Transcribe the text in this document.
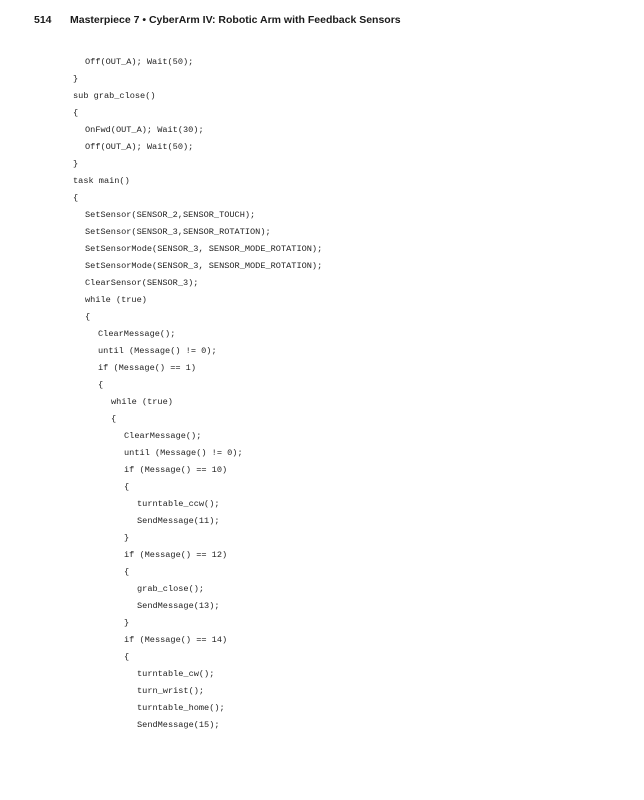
514	Masterpiece 7 • CyberArm IV: Robotic Arm with Feedback Sensors
Off(OUT_A); Wait(50);
}
sub grab_close()
{
OnFwd(OUT_A); Wait(30);
Off(OUT_A); Wait(50);
}
task main()
{
SetSensor(SENSOR_2,SENSOR_TOUCH);
SetSensor(SENSOR_3,SENSOR_ROTATION);
SetSensorMode(SENSOR_3, SENSOR_MODE_ROTATION);
SetSensorMode(SENSOR_3, SENSOR_MODE_ROTATION);
ClearSensor(SENSOR_3);
while (true)
{
ClearMessage();
until (Message() != 0);
if (Message() == 1)
{
while (true)
{
ClearMessage();
until (Message() != 0);
if (Message() == 10)
{
turntable_ccw();
SendMessage(11);
}
if (Message() == 12)
{
grab_close();
SendMessage(13);
}
if (Message() == 14)
{
turntable_cw();
turn_wrist();
turntable_home();
SendMessage(15);
